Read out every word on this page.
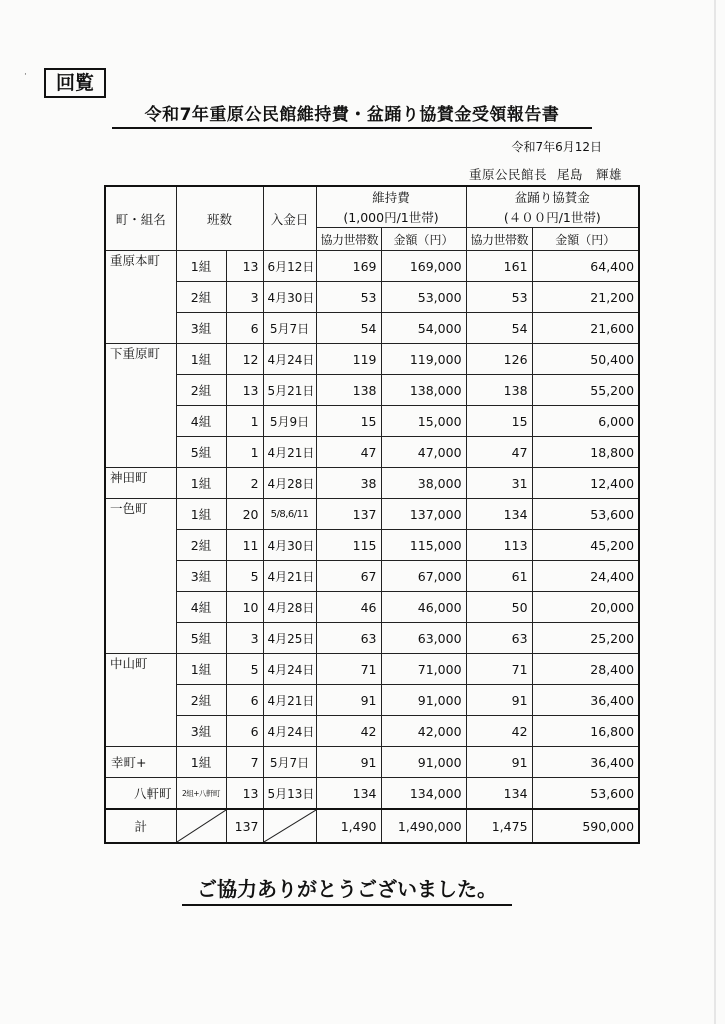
·	回覧
令和7年重原公民館維持費・盆踊り協賛金受領報告書
令和7年6月12日
重原公民館長 尾島　輝雄
町・組名	班数		入金日	維持費		盆踊り協賛金	
				(1,000円/1世帯)		(４００円/1世帯)	
				協力世帯数	金額（円）	協力世帯数	金額（円）
重原本町	1組	13	6月12日	169	169,000	161	64,400
	2組	3	4月30日	53	53,000	53	21,200
	3組	6	5月7日	54	54,000	54	21,600
下重原町	1組	12	4月24日	119	119,000	126	50,400
	2組	13	5月21日	138	138,000	138	55,200
	4組	1	5月9日	15	15,000	15	6,000
	5組	1	4月21日	47	47,000	47	18,800
神田町	1組	2	4月28日	38	38,000	31	12,400
一色町	1組	20	5/8,6/11	137	137,000	134	53,600
	2組	11	4月30日	115	115,000	113	45,200
	3組	5	4月21日	67	67,000	61	24,400
	4組	10	4月28日	46	46,000	50	20,000
	5組	3	4月25日	63	63,000	63	25,200
中山町	1組	5	4月24日	71	71,000	71	28,400
	2組	6	4月21日	91	91,000	91	36,400
	3組	6	4月24日	42	42,000	42	16,800
幸町+	1組	7	5月7日	91	91,000	91	36,400
八軒町	2組+八軒町	13	5月13日	134	134,000	134	53,600
計		137		1,490	1,490,000	1,475	590,000
ご協力ありがとうございました。
